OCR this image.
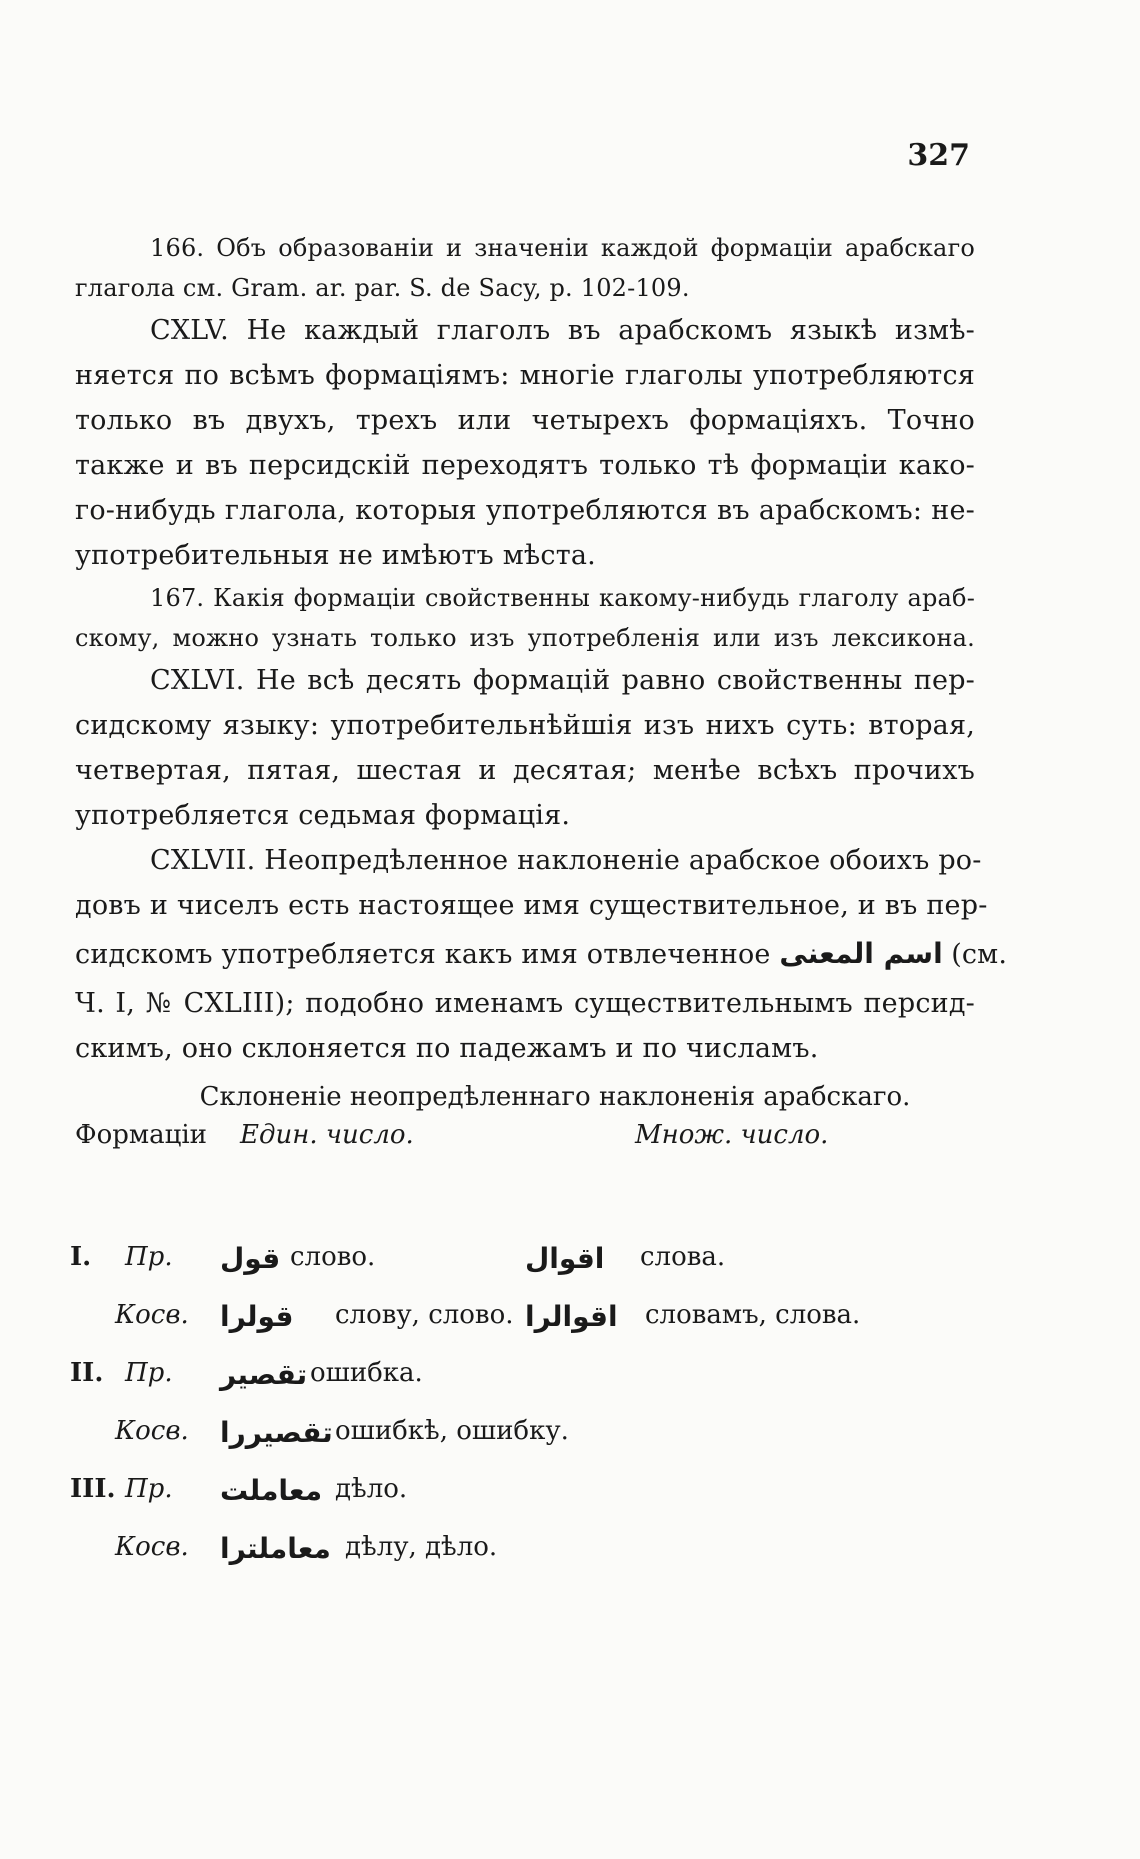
327
166. Объ образованіи и значеніи каждой формаціи арабскаго
глагола см. Gram. ar. par. S. de Sacy, p. 102-109.
CXLV. Не каждый глаголъ въ арабскомъ языкѣ измѣ-
няется по всѣмъ формаціямъ: многіе глаголы употребляются
только въ двухъ, трехъ или четырехъ формаціяхъ. Точно
также и въ персидскій переходятъ только тѣ формаціи како-
го-нибудь глагола, которыя употребляются въ арабскомъ: не-
употребительныя не имѣютъ мѣста.
167. Какія формаціи свойственны какому-нибудь глаголу араб-
скому, можно узнать только изъ употребленія или изъ лексикона.
CXLVI. Не всѣ десять формацій равно свойственны пер-
сидскому языку: употребительнѣйшія изъ нихъ суть: вторая,
четвертая, пятая, шестая и десятая; менѣе всѣхъ прочихъ
употребляется седьмая формація.
CXLVII. Неопредѣленное наклоненіе арабское обоихъ ро-
довъ и чиселъ есть настоящее имя существительное, и въ пер-
сидскомъ употребляется какъ имя отвлеченное اسم المعنى (см.
Ч. I, № CXLIII); подобно именамъ существительнымъ персид-
скимъ, оно склоняется по падежамъ и по числамъ.
Склоненіе неопредѣленнаго наклоненія арабскаго.
Формаціи Един. число.	Множ. число.
I. Пр. قول слово.	اقوال слова.
Косв. قولرا слову, слово. اقوالرا словамъ, слова.
II. Пр. تقصير ошибка.
Косв. تقصيررا ошибкѣ, ошибку.
III. Пр. معاملت дѣло.
Косв. معاملترا дѣлу, дѣло.
